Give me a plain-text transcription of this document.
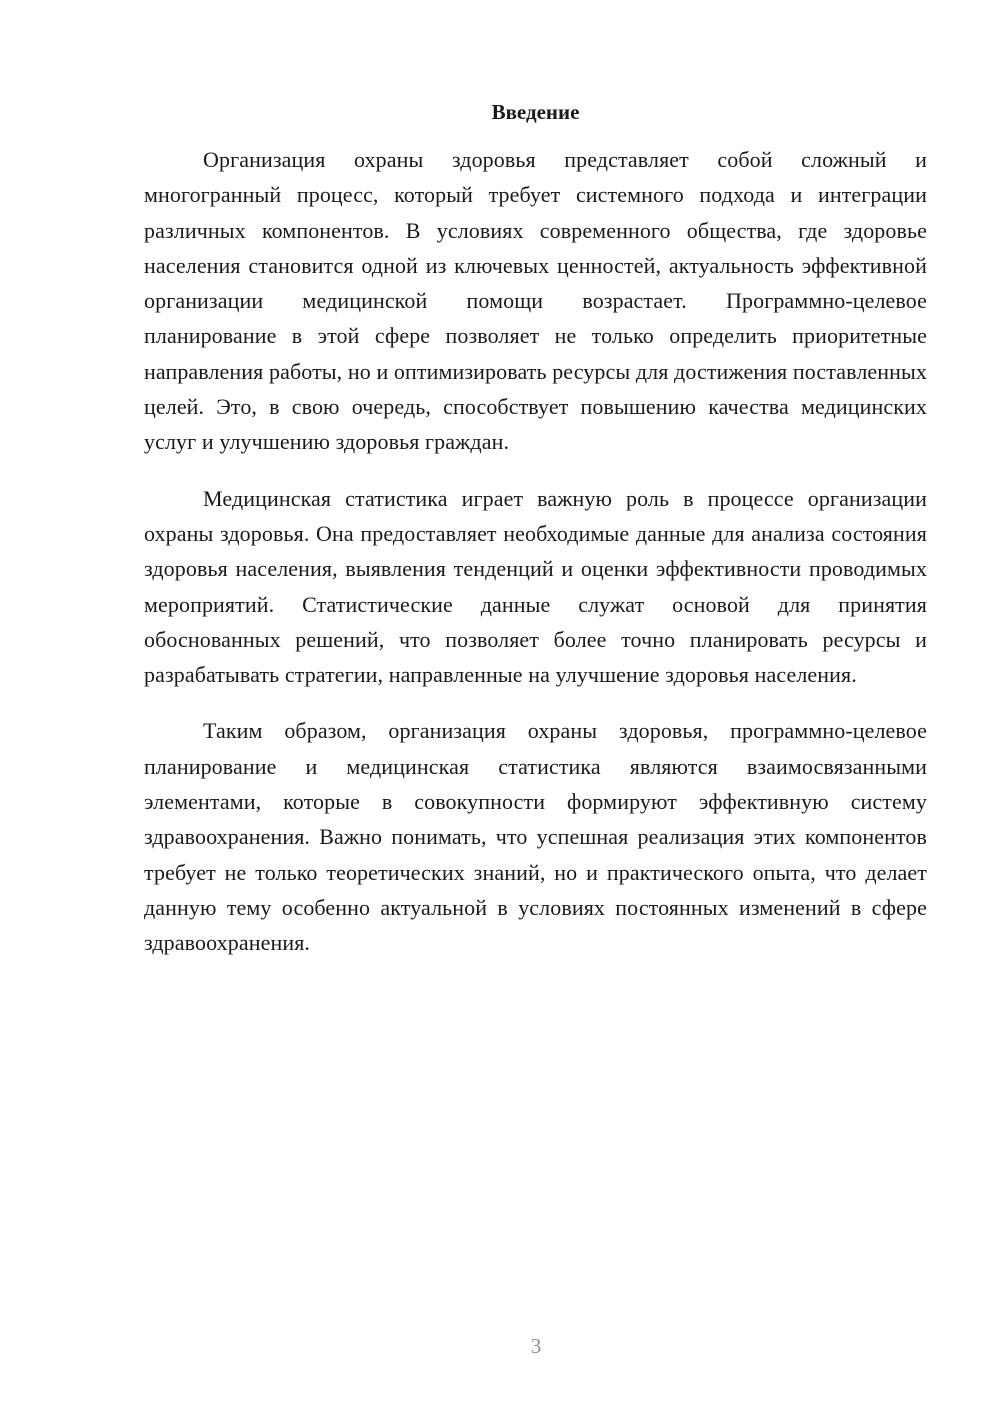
Введение

Организация охраны здоровья представляет собой сложный и многогранный процесс, который требует системного подхода и интеграции различных компонентов. В условиях современного общества, где здоровье населения становится одной из ключевых ценностей, актуальность эффективной организации медицинской помощи возрастает. Программно-целевое планирование в этой сфере позволяет не только определить приоритетные направления работы, но и оптимизировать ресурсы для достижения поставленных целей. Это, в свою очередь, способствует повышению качества медицинских услуг и улучшению здоровья граждан.

Медицинская статистика играет важную роль в процессе организации охраны здоровья. Она предоставляет необходимые данные для анализа состояния здоровья населения, выявления тенденций и оценки эффективности проводимых мероприятий. Статистические данные служат основой для принятия обоснованных решений, что позволяет более точно планировать ресурсы и разрабатывать стратегии, направленные на улучшение здоровья населения.

Таким образом, организация охраны здоровья, программно-целевое планирование и медицинская статистика являются взаимосвязанными элементами, которые в совокупности формируют эффективную систему здравоохранения. Важно понимать, что успешная реализация этих компонентов требует не только теоретических знаний, но и практического опыта, что делает данную тему особенно актуальной в условиях постоянных изменений в сфере здравоохранения.

3
